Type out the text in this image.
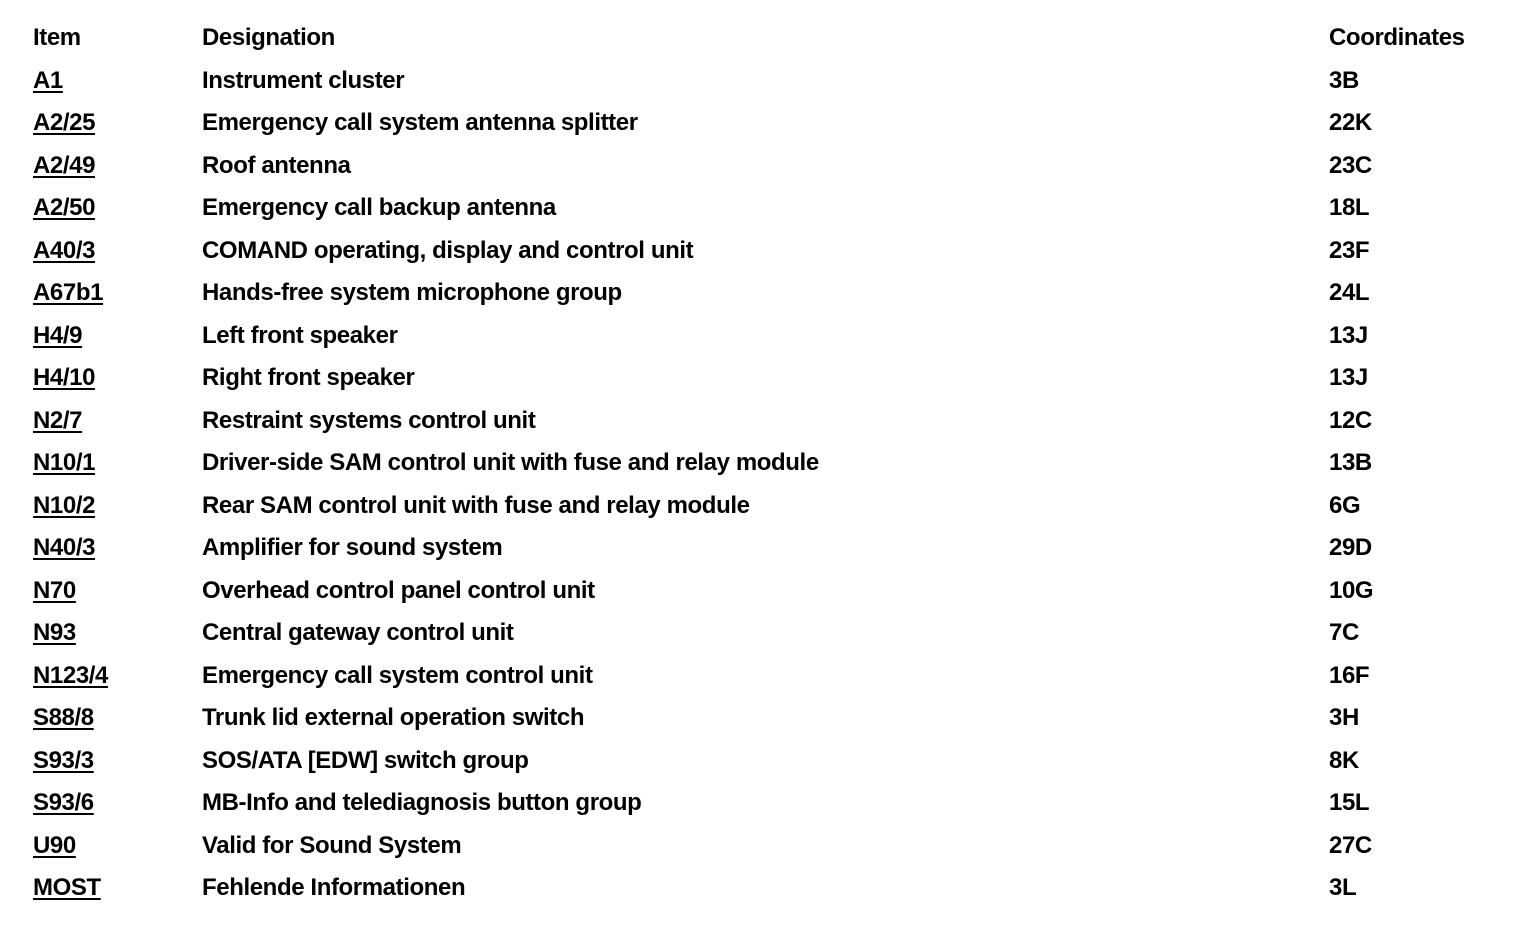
Item	Designation	Coordinates
A1	Instrument cluster	3B
A2/25	Emergency call system antenna splitter	22K
A2/49	Roof antenna	23C
A2/50	Emergency call backup antenna	18L
A40/3	COMAND operating, display and control unit	23F
A67b1	Hands-free system microphone group	24L
H4/9	Left front speaker	13J
H4/10	Right front speaker	13J
N2/7	Restraint systems control unit	12C
N10/1	Driver-side SAM control unit with fuse and relay module	13B
N10/2	Rear SAM control unit with fuse and relay module	6G
N40/3	Amplifier for sound system	29D
N70	Overhead control panel control unit	10G
N93	Central gateway control unit	7C
N123/4	Emergency call system control unit	16F
S88/8	Trunk lid external operation switch	3H
S93/3	SOS/ATA [EDW] switch group	8K
S93/6	MB-Info and telediagnosis button group	15L
U90	Valid for Sound System	27C
MOST	Fehlende Informationen	3L
